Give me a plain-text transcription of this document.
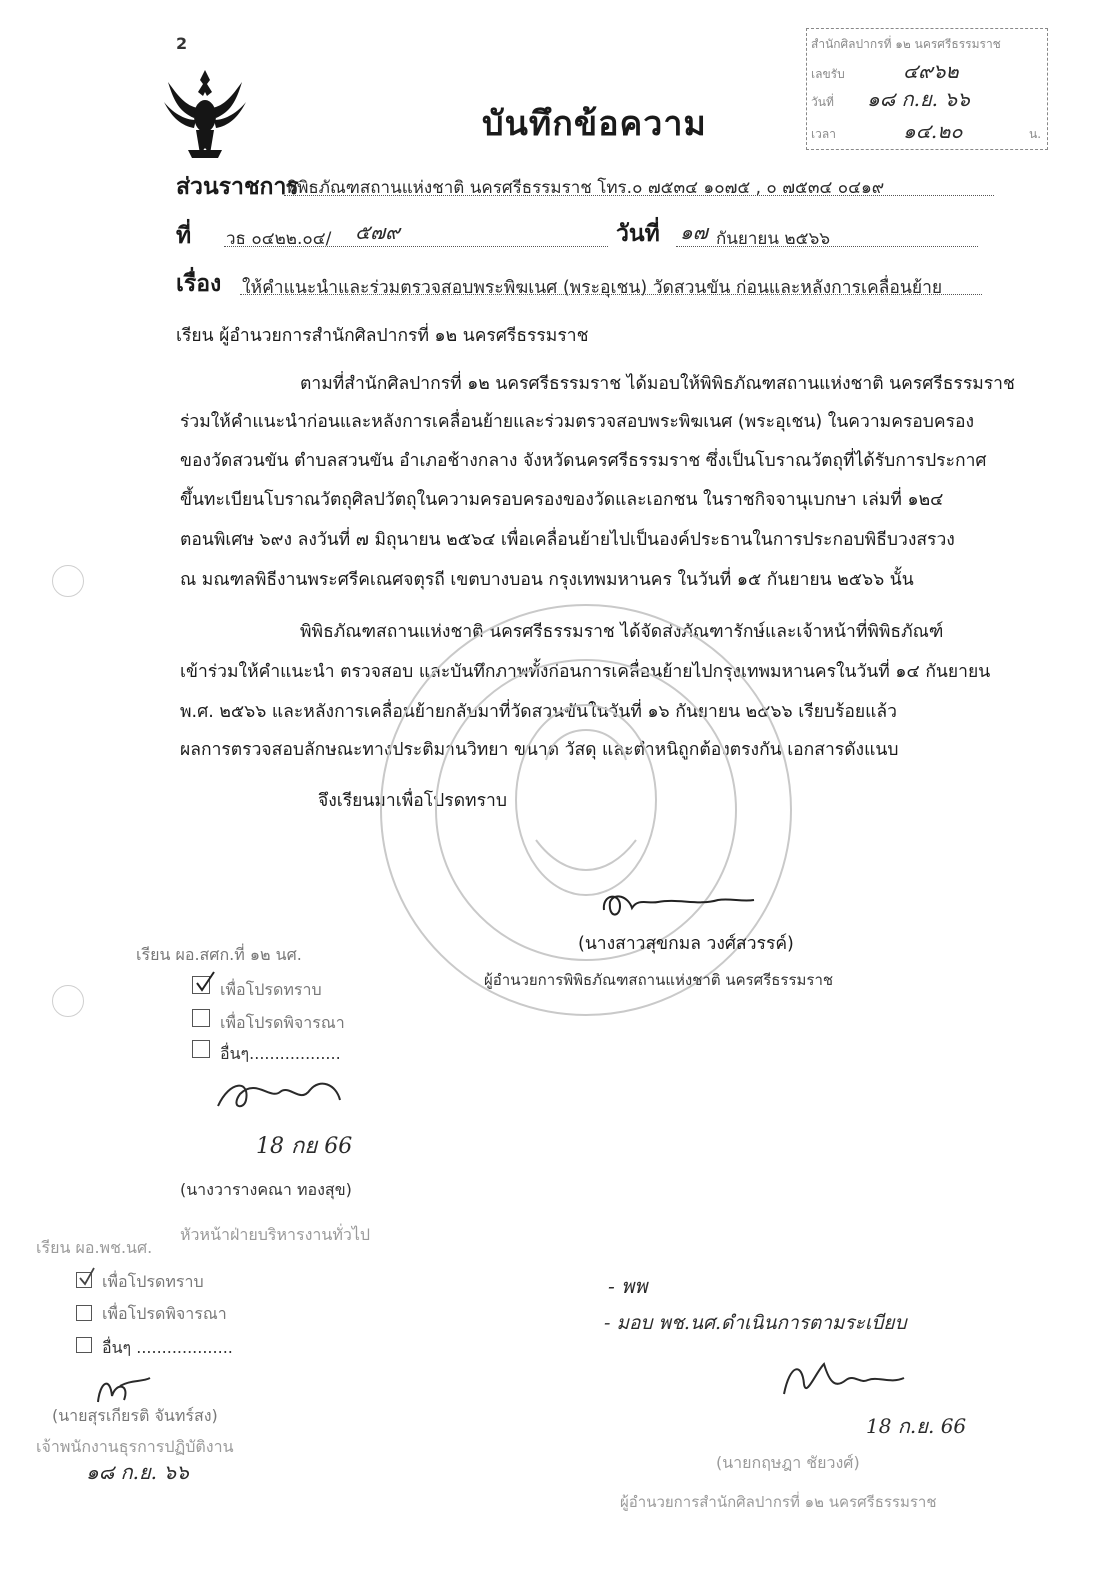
2
บันทึกข้อความ
สำนักศิลปากรที่ ๑๒ นครศรีธรรมราช
เลขรับ	๔๙๖๒
วันที่ ๑๘ ก.ย. ๖๖
เวลา	๑๔.๒๐	น.
ส่วนราชการ
พิพิธภัณฑสถานแห่งชาติ นครศรีธรรมราช โทร.๐ ๗๕๓๔ ๑๐๗๕ , ๐ ๗๕๓๔ ๐๔๑๙
ที่ วธ ๐๔๒๒.๐๔/ ๕๗๙	วันที่ ๑๗ กันยายน ๒๕๖๖
เรื่อง ให้คำแนะนำและร่วมตรวจสอบพระพิฆเนศ (พระอุเชน) วัดสวนขัน ก่อนและหลังการเคลื่อนย้าย
เรียน ผู้อำนวยการสำนักศิลปากรที่ ๑๒ นครศรีธรรมราช
ตามที่สำนักศิลปากรที่ ๑๒ นครศรีธรรมราช ได้มอบให้พิพิธภัณฑสถานแห่งชาติ นครศรีธรรมราช
ร่วมให้คำแนะนำก่อนและหลังการเคลื่อนย้ายและร่วมตรวจสอบพระพิฆเนศ (พระอุเชน) ในความครอบครอง
ของวัดสวนขัน ตำบลสวนขัน อำเภอช้างกลาง จังหวัดนครศรีธรรมราช ซึ่งเป็นโบราณวัตถุที่ได้รับการประกาศ
ขึ้นทะเบียนโบราณวัตถุศิลปวัตถุในความครอบครองของวัดและเอกชน ในราชกิจจานุเบกษา เล่มที่ ๑๒๔
ตอนพิเศษ ๖๙ง ลงวันที่ ๗ มิถุนายน ๒๕๖๔ เพื่อเคลื่อนย้ายไปเป็นองค์ประธานในการประกอบพิธีบวงสรวง
ณ มณฑลพิธีงานพระศรีคเณศจตุรถี เขตบางบอน กรุงเทพมหานคร ในวันที่ ๑๕ กันยายน ๒๕๖๖ นั้น
พิพิธภัณฑสถานแห่งชาติ นครศรีธรรมราช ได้จัดส่งภัณฑารักษ์และเจ้าหน้าที่พิพิธภัณฑ์
เข้าร่วมให้คำแนะนำ ตรวจสอบ และบันทึกภาพทั้งก่อนการเคลื่อนย้ายไปกรุงเทพมหานครในวันที่ ๑๔ กันยายน
พ.ศ. ๒๕๖๖ และหลังการเคลื่อนย้ายกลับมาที่วัดสวนขันในวันที่ ๑๖ กันยายน ๒๕๖๖ เรียบร้อยแล้ว
ผลการตรวจสอบลักษณะทางประติมานวิทยา ขนาด วัสดุ และตำหนิถูกต้องตรงกัน เอกสารดังแนบ
จึงเรียนมาเพื่อโปรดทราบ
(นางสาวสุขกมล วงศ์สวรรค์)
ผู้อำนวยการพิพิธภัณฑสถานแห่งชาติ นครศรีธรรมราช
เรียน ผอ.สศก.ที่ ๑๒ นศ.
เพื่อโปรดทราบ
เพื่อโปรดพิจารณา
อื่นๆ..................
18 กย 66
(นางวารางคณา ทองสุข)
หัวหน้าฝ่ายบริหารงานทั่วไป
เรียน ผอ.พช.นศ.
เพื่อโปรดทราบ
เพื่อโปรดพิจารณา
อื่นๆ ...................
(นายสุรเกียรติ จันทร์สง)
เจ้าพนักงานธุรการปฏิบัติงาน
๑๘ ก.ย. ๖๖
- พพ
- มอบ พช.นศ.ดำเนินการตามระเบียบ
18 ก.ย. 66
(นายกฤษฎา ชัยวงศ์)
ผู้อำนวยการสำนักศิลปากรที่ ๑๒ นครศรีธรรมราช
